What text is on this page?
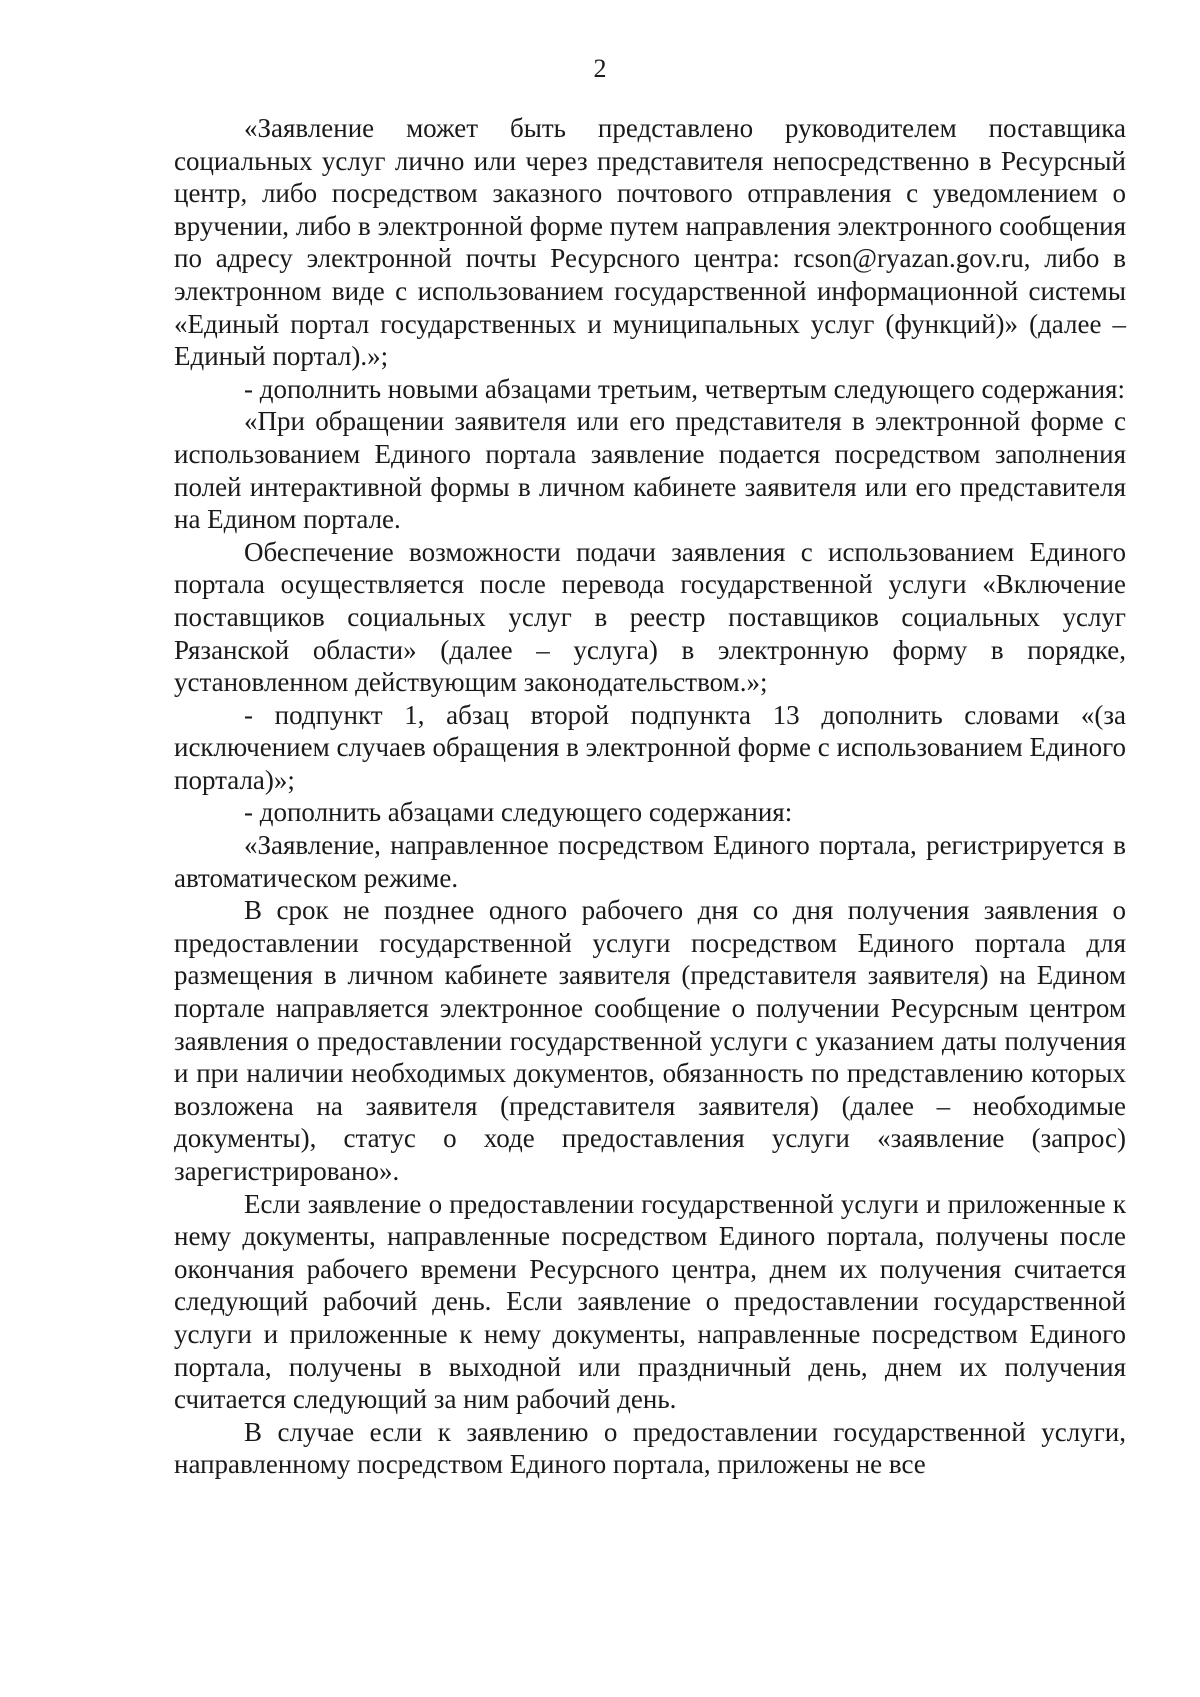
2

«Заявление может быть представлено руководителем поставщика социальных услуг лично или через представителя непосредственно в Ресурсный центр, либо посредством заказного почтового отправления с уведомлением о вручении, либо в электронной форме путем направления электронного сообщения по адресу электронной почты Ресурсного центра: rcson@ryazan.gov.ru, либо в электронном виде с использованием государственной информационной системы «Единый портал государственных и муниципальных услуг (функций)» (далее – Единый портал).»;

- дополнить новыми абзацами третьим, четвертым следующего содержания:

«При обращении заявителя или его представителя в электронной форме с использованием Единого портала заявление подается посредством заполнения полей интерактивной формы в личном кабинете заявителя или его представителя на Едином портале.

Обеспечение возможности подачи заявления с использованием Единого портала осуществляется после перевода государственной услуги «Включение поставщиков социальных услуг в реестр поставщиков социальных услуг Рязанской области» (далее – услуга) в электронную форму в порядке, установленном действующим законодательством.»;

- подпункт 1, абзац второй подпункта 13 дополнить словами «(за исключением случаев обращения в электронной форме с использованием Единого портала)»;

- дополнить абзацами следующего содержания:

«Заявление, направленное посредством Единого портала, регистрируется в автоматическом режиме.

В срок не позднее одного рабочего дня со дня получения заявления о предоставлении государственной услуги посредством Единого портала для размещения в личном кабинете заявителя (представителя заявителя) на Едином портале направляется электронное сообщение о получении Ресурсным центром заявления о предоставлении государственной услуги с указанием даты получения и при наличии необходимых документов, обязанность по представлению которых возложена на заявителя (представителя заявителя) (далее – необходимые документы), статус о ходе предоставления услуги «заявление (запрос) зарегистрировано».

Если заявление о предоставлении государственной услуги и приложенные к нему документы, направленные посредством Единого портала, получены после окончания рабочего времени Ресурсного центра, днем их получения считается следующий рабочий день. Если заявление о предоставлении государственной услуги и приложенные к нему документы, направленные посредством Единого портала, получены в выходной или праздничный день, днем их получения считается следующий за ним рабочий день.

В случае если к заявлению о предоставлении государственной услуги, направленному посредством Единого портала, приложены не все
